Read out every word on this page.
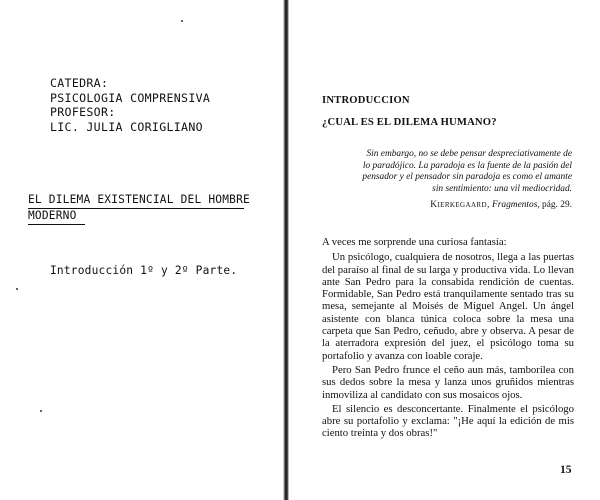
CATEDRA:
PSICOLOGIA COMPRENSIVA
PROFESOR:
LIC. JULIA CORIGLIANO
EL DILEMA EXISTENCIAL DEL HOMBRE
MODERNO
Introducción 1º y 2º Parte.
INTRODUCCION
¿CUAL ES EL DILEMA HUMANO?
Sin embargo, no se debe pensar despreciativamente de lo paradójico. La paradoja es la fuente de la pasión del pensador y el pensador sin paradoja es como el amante sin sentimiento: una vil mediocridad.
Kierkegaard, Fragmentos, pág. 29.

A veces me sorprende una curiosa fantasía:

Un psicólogo, cualquiera de nosotros, llega a las puertas del paraíso al final de su larga y productiva vida. Lo llevan ante San Pedro para la consabida rendición de cuentas. Formidable, San Pedro está tranquilamente sentado tras su mesa, semejante al Moisés de Miguel Angel. Un ángel asistente con blanca túnica coloca sobre la mesa una carpeta que San Pedro, ceñudo, abre y observa. A pesar de la aterradora expresión del juez, el psicólogo toma su portafolio y avanza con loable coraje.

Pero San Pedro frunce el ceño aun más, tamborilea con sus dedos sobre la mesa y lanza unos gruñidos mientras inmoviliza al candidato con sus mosaicos ojos.

El silencio es desconcertante. Finalmente el psicólogo abre su portafolio y exclama: "¡He aquí la edición de mis ciento treinta y dos obras!"

15
